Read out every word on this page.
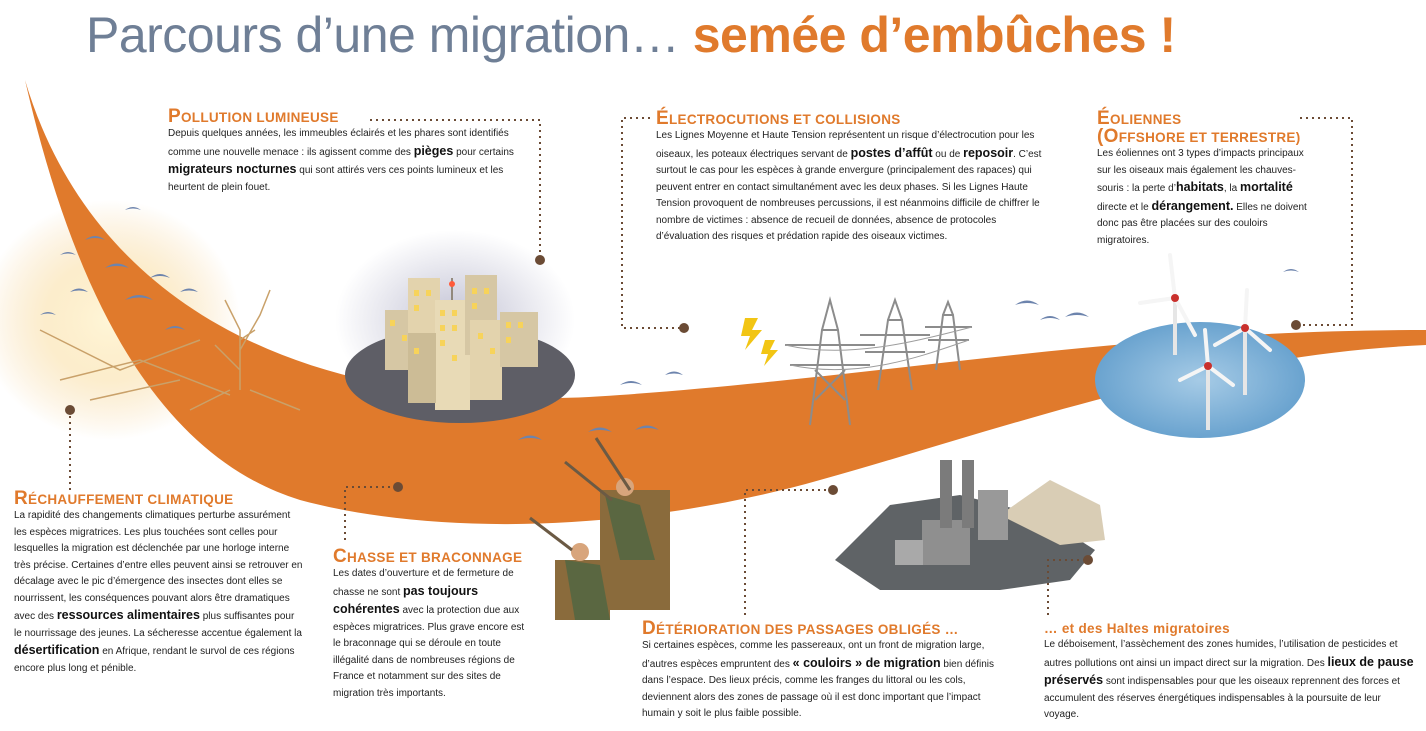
Parcours d’une migration… semée d’embûches !
POLLUTION LUMINEUSE
Depuis quelques années, les immeubles éclairés et les phares sont identifiés comme une nouvelle menace : ils agissent comme des pièges pour certains migrateurs nocturnes qui sont attirés vers ces points lumineux et les heurtent de plein fouet.
ÉLECTROCUTIONS ET COLLISIONS
Les Lignes Moyenne et Haute Tension représentent un risque d’électrocution pour les oiseaux, les poteaux électriques servant de postes d’affût ou de reposoir. C’est surtout le cas pour les espèces à grande envergure (principalement des rapaces) qui peuvent entrer en contact simultanément avec les deux phases. Si les Lignes Haute Tension provoquent de nombreuses percussions, il est néanmoins difficile de chiffrer le nombre de victimes : absence de recueil de données, absence de protocoles d’évaluation des risques et prédation rapide des oiseaux victimes.
ÉOLIENNES
(OFFSHORE ET TERRESTRE)
Les éoliennes ont 3 types d’impacts principaux sur les oiseaux mais également les chauves-souris : la perte d’habitats, la mortalité directe et le dérangement. Elles ne doivent donc pas être placées sur des couloirs migratoires.
RÉCHAUFFEMENT CLIMATIQUE
La rapidité des changements climatiques perturbe assurément les espèces migratrices. Les plus touchées sont celles pour lesquelles la migration est déclenchée par une horloge interne très précise. Certaines d’entre elles peuvent ainsi se retrouver en décalage avec le pic d’émergence des insectes dont elles se nourrissent, les conséquences pouvant alors être dramatiques avec des ressources alimentaires plus suffisantes pour le nourrissage des jeunes. La sécheresse accentue également la désertification en Afrique, rendant le survol de ces régions encore plus long et pénible.
CHASSE ET BRACONNAGE
Les dates d’ouverture et de fermeture de chasse ne sont pas toujours cohérentes avec la protection due aux espèces migratrices. Plus grave encore est le braconnage qui se déroule en toute illégalité dans de nombreuses régions de France et notamment sur des sites de migration très importants.
DÉTÉRIORATION DES PASSAGES OBLIGÉS …
Si certaines espèces, comme les passereaux, ont un front de migration large, d’autres espèces empruntent des « couloirs » de migration bien définis dans l’espace. Des lieux précis, comme les franges du littoral ou les cols, deviennent alors des zones de passage où il est donc important que l’impact humain y soit le plus faible possible.
… et des Haltes migratoires
Le déboisement, l’assèchement des zones humides, l’utilisation de pesticides et autres pollutions ont ainsi un impact direct sur la migration. Des lieux de pause préservés sont indispensables pour que les oiseaux reprennent des forces et accumulent des réserves énergétiques indispensables à la poursuite de leur voyage.
